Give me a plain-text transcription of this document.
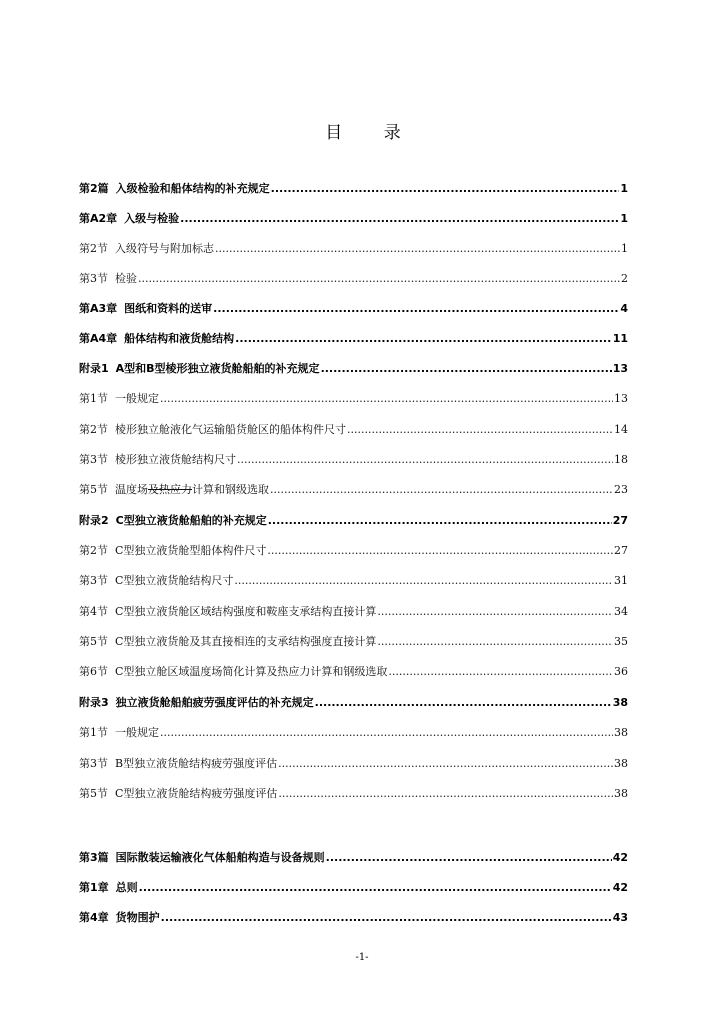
目 录
第2篇 入级检验和船体结构的补充规定 .....	1
第A2章 入级与检验 .....	1
第2节 入级符号与附加标志 .....	1
第3节 检验 .....	2
第A3章 图纸和资料的送审 .....	4
第A4章 船体结构和液货舱结构 .....	11
附录1 A型和B型棱形独立液货舱船舶的补充规定 .....	13
第1节 一般规定 .....	13
第2节 棱形独立舱液化气运输船货舱区的船体构件尺寸 .....	14
第3节 棱形独立液货舱结构尺寸 .....	18
第5节 温度场及热应力计算和钢级选取 .....	23
附录2 C型独立液货舱船舶的补充规定 .....	27
第2节 C型独立液货舱型船体构件尺寸 .....	27
第3节 C型独立液货舱结构尺寸 .....	31
第4节 C型独立液货舱区域结构强度和鞍座支承结构直接计算 .....	34
第5节 C型独立液货舱及其直接相连的支承结构强度直接计算 .....	35
第6节 C型独立舱区域温度场简化计算及热应力计算和钢级选取 .....	36
附录3 独立液货舱船舶疲劳强度评估的补充规定 .....	38
第1节 一般规定 .....	38
第3节 B型独立液货舱结构疲劳强度评估 .....	38
第5节 C型独立液货舱结构疲劳强度评估 .....	38
第3篇 国际散装运输液化气体船舶构造与设备规则 .....	42
第1章 总则 .....	42
第4章 货物围护 .....	43
-1-
